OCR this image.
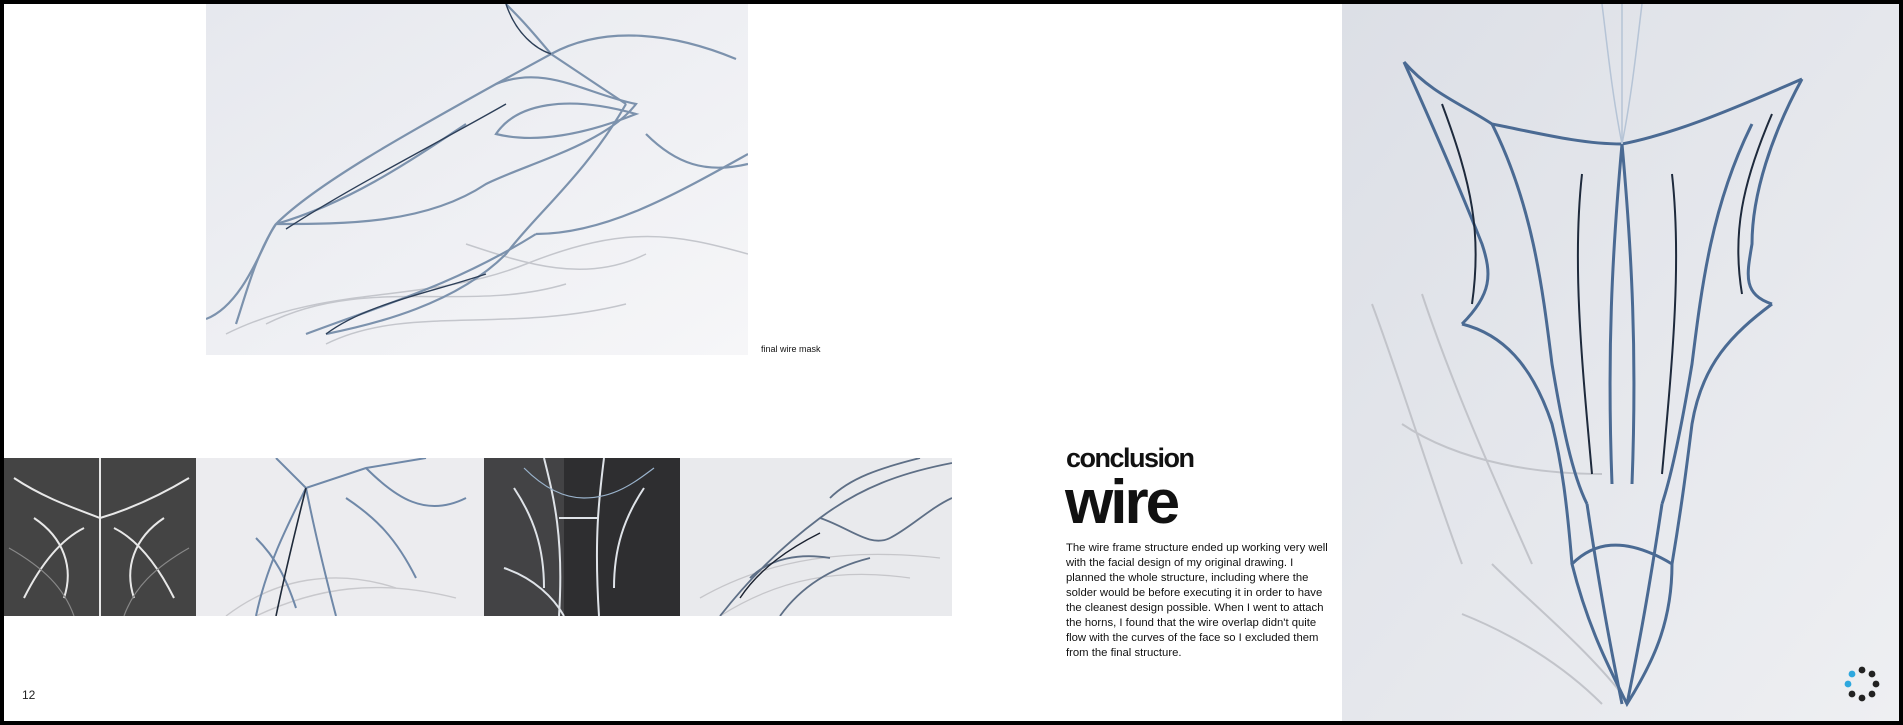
final wire mask
conclusion
wire
The wire frame structure ended up working very well with the facial design of my original drawing. I planned the whole structure, including where the solder would be before executing it in order to have the cleanest design possible. When I went to attach the horns, I found that the wire overlap didn't quite flow with the curves of the face so I excluded them from the final structure.
12
